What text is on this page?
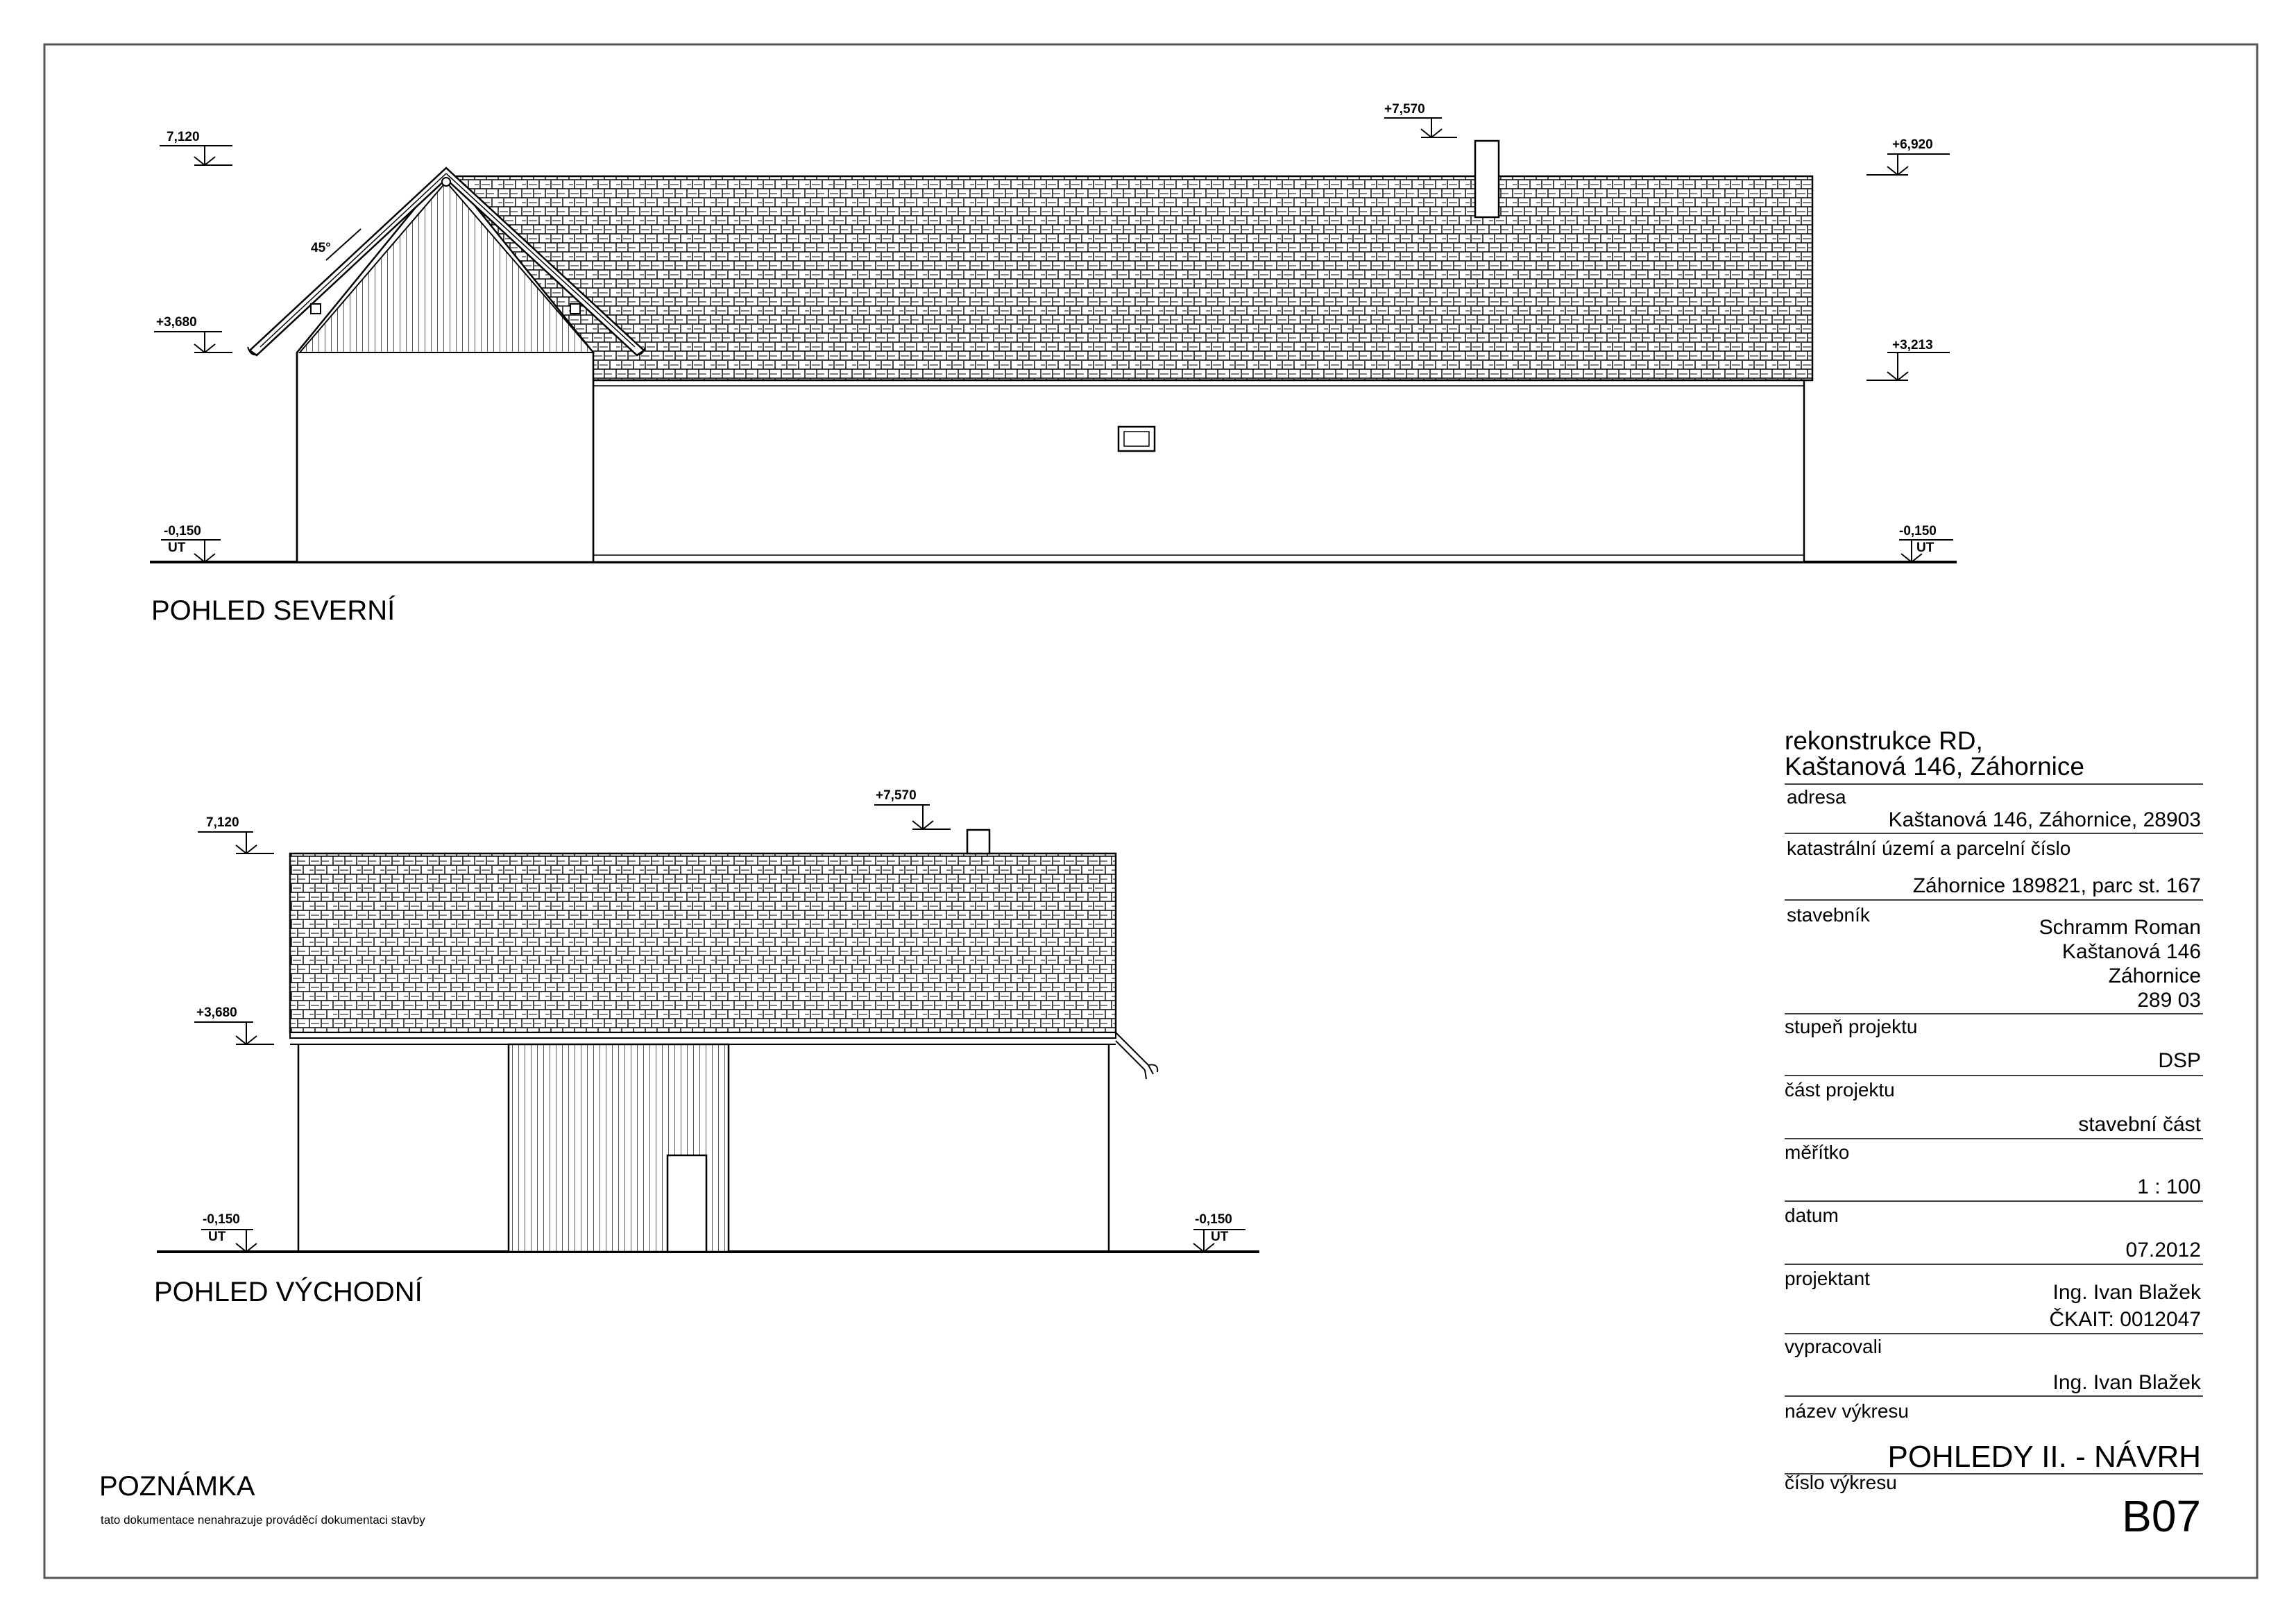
45°
7,120
+7,570
+6,920
+3,680
+3,213
-0,150
UT
-0,150
UT
POHLED SEVERNÍ
7,120
+7,570
+3,680
-0,150
UT
-0,150
UT
POHLED VÝCHODNÍ
POZNÁMKA
tato dokumentace nenahrazuje prováděcí dokumentaci stavby
rekonstrukce RD,
Kaštanová 146, Záhornice
adresa
Kaštanová 146, Záhornice, 28903
katastrální území a parcelní číslo
Záhornice 189821, parc st. 167
stavebník
Schramm Roman
Kaštanová 146
Záhornice
289 03
stupeň projektu
DSP
část projektu
stavební část
měřítko
1 : 100
datum
07.2012
projektant
Ing. Ivan Blažek
ČKAIT: 0012047
vypracovali
Ing. Ivan Blažek
název výkresu
POHLEDY II. - NÁVRH
číslo výkresu
B07
